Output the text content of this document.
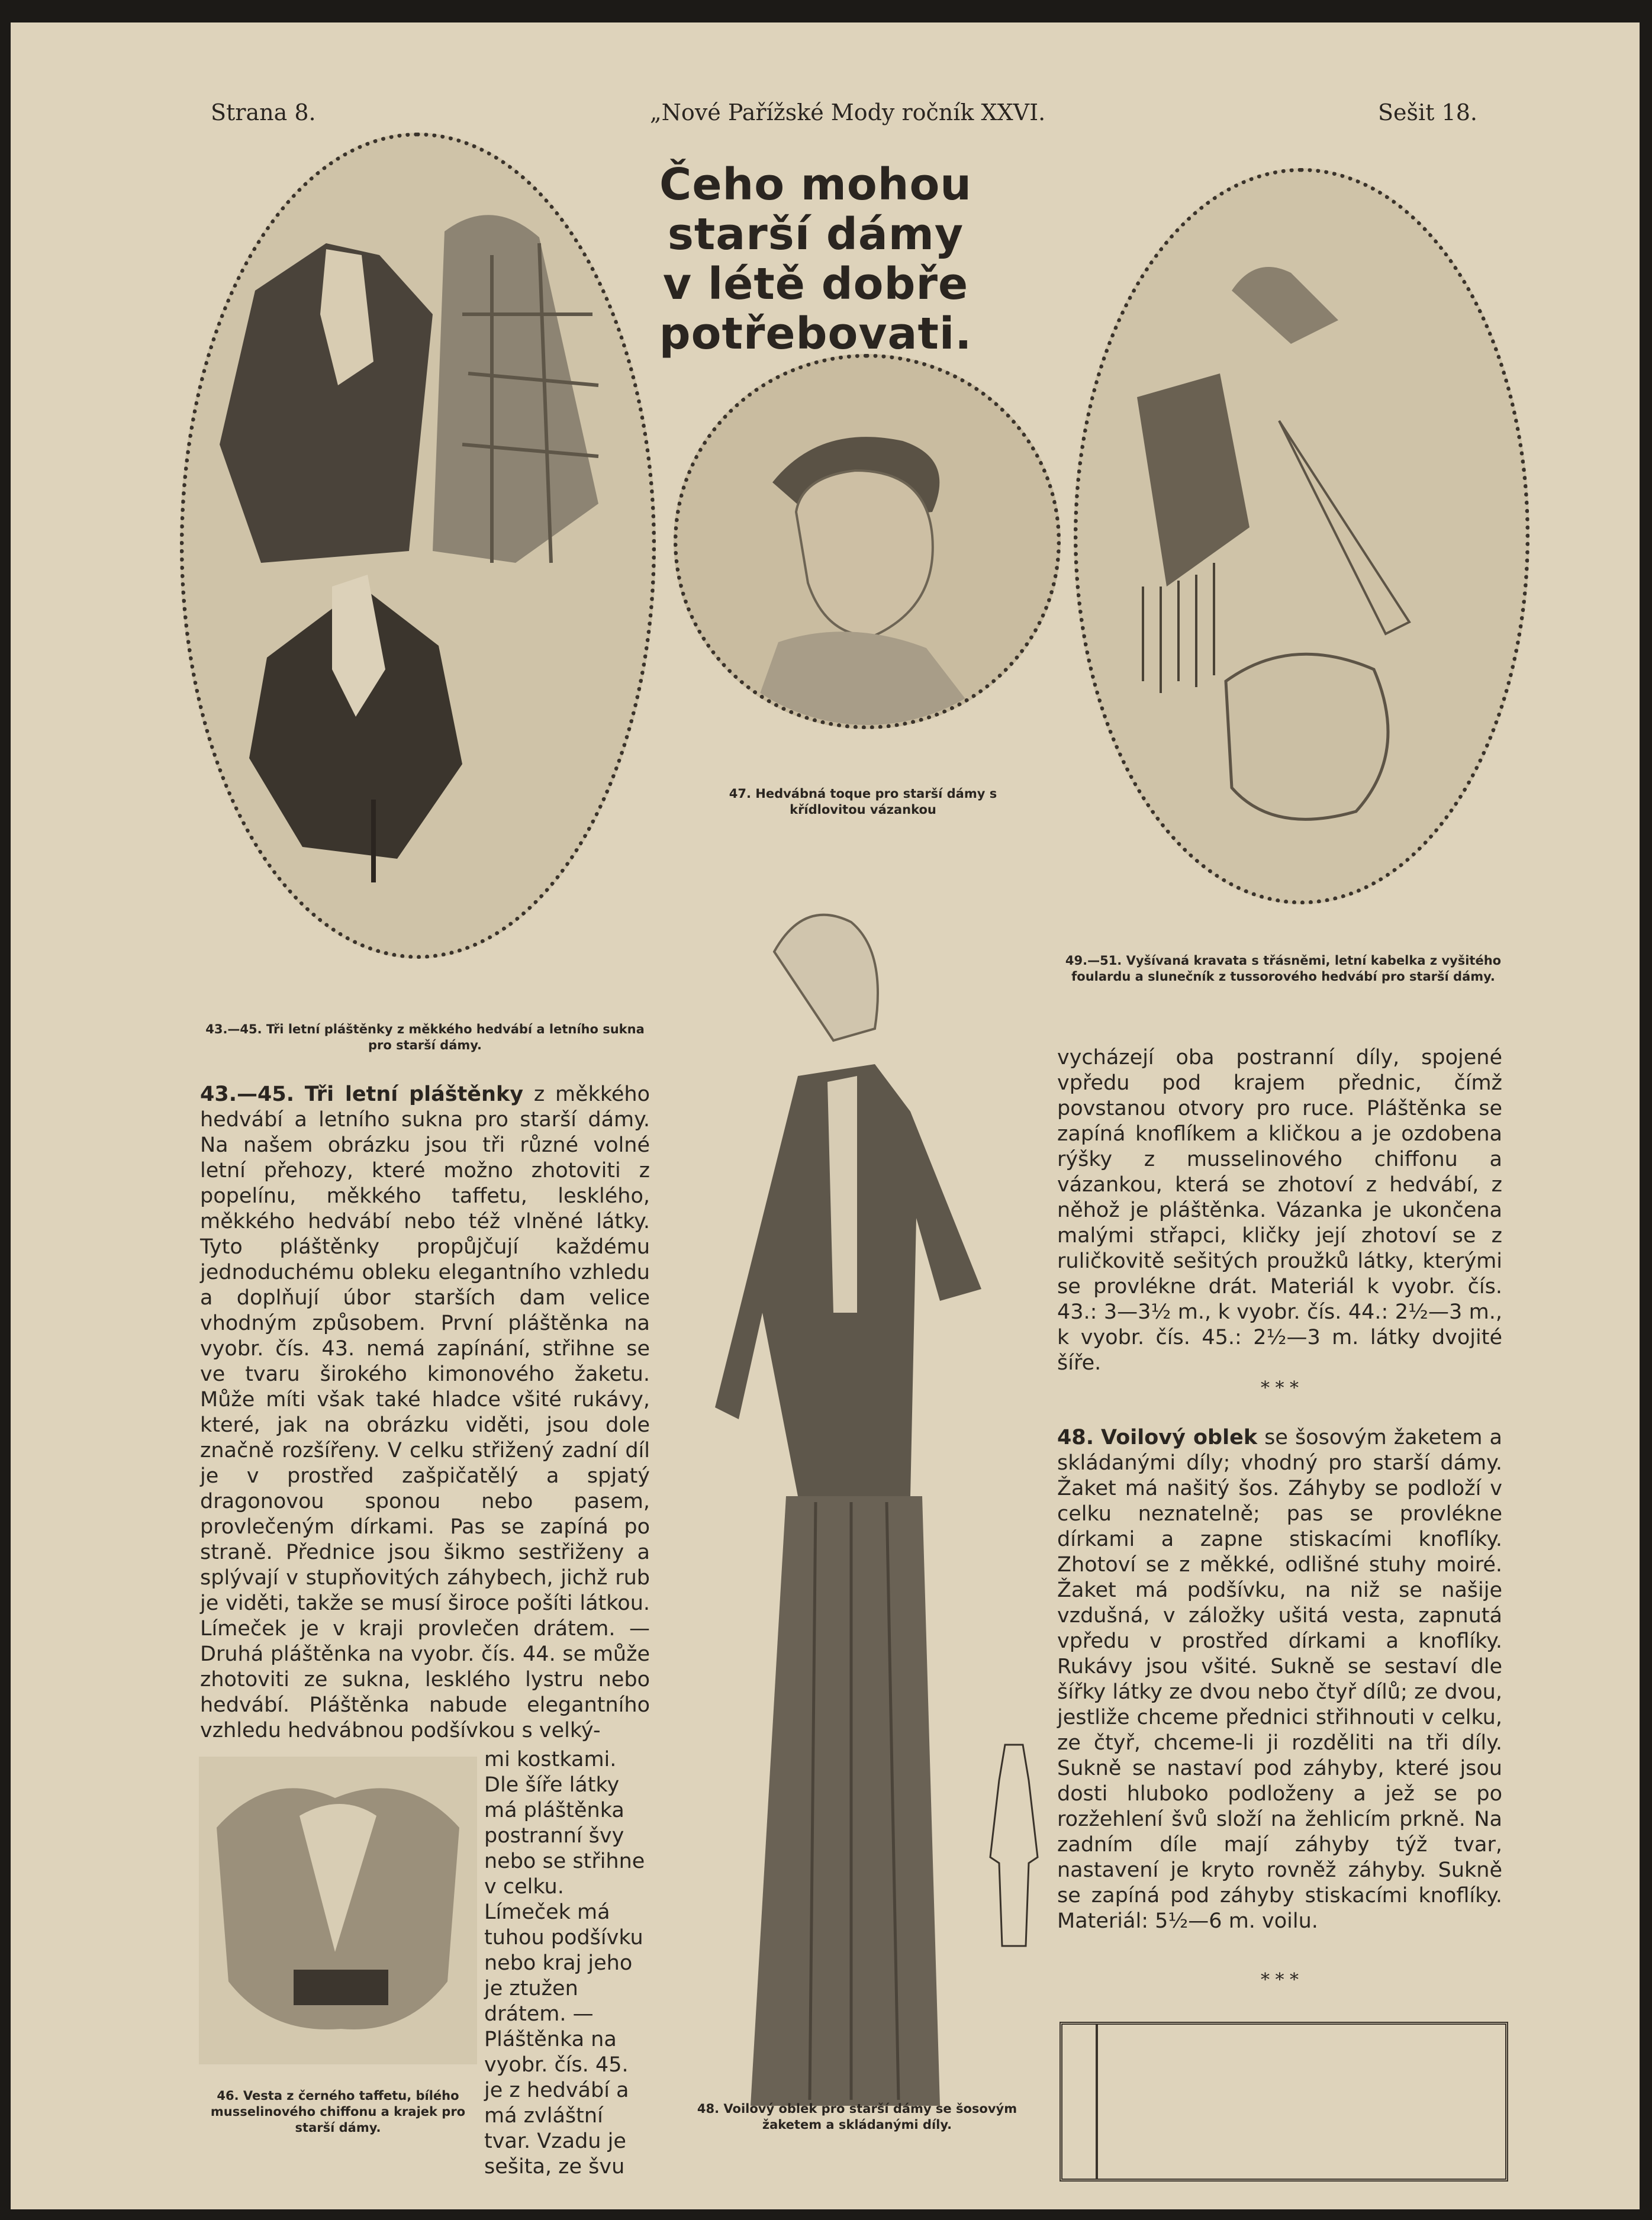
Strana 8.	„Nové Pařížské Mody ročník XXVI.	Sešit 18.
Čeho mohou starší dámy v létě dobře potřebovati.
43.—45. Tři letní pláštěnky z měkkého hedvábí a letního sukna pro starší dámy.
47. Hedvábná toque pro starší dámy s křídlovitou vázankou
49.—51. Vyšívaná kravata s třásněmi, letní kabelka z vyšitého foulardu a slunečník z tussorového hedvábí pro starší dámy.
43.—45. Tři letní pláštěnky z měkkého hedvábí a letního sukna pro starší dámy. Na našem obrázku jsou tři různé volné letní přehozy, které možno zhotoviti z popelínu, měkkého taffetu, lesklého, měkkého hedvábí nebo též vlněné látky. Tyto pláštěnky propůjčují každému jednoduchému obleku elegantního vzhledu a doplňují úbor starších dam velice vhodným způsobem. První pláštěnka na vyobr. čís. 43. nemá zapínání, střihne se ve tvaru širokého kimonového žaketu. Může míti však také hladce všité rukávy, které, jak na obrázku viděti, jsou dole značně rozšířeny. V celku střižený zadní díl je v prostřed zašpičatělý a spjatý dragonovou sponou nebo pasem, provlečeným dírkami. Pas se zapíná po straně. Přednice jsou šikmo sestřiženy a splývají v stupňovitých záhybech, jichž rub je viděti, takže se musí široce pošíti látkou. Límeček je v kraji provlečen drátem. — Druhá pláštěnka na vyobr. čís. 44. se může zhotoviti ze sukna, lesklého lystru nebo hedvábí. Pláštěnka nabude elegantního vzhledu hedvábnou podšívkou s velký-
46. Vesta z černého taffetu, bílého musselinového chiffonu a krajek pro starší dámy.
mi kostkami. Dle šíře látky má pláštěnka postranní švy nebo se střihne v celku. Límeček má tuhou podšívku nebo kraj jeho je ztužen drátem. — Pláštěnka na vyobr. čís. 45. je z hedvábí a má zvláštní tvar. Vzadu je sešita, ze švu
48. Voilový oblek pro starší dámy se šosovým žaketem a skládanými díly.
vycházejí oba postranní díly, spojené vpředu pod krajem přednic, čímž povstanou otvory pro ruce. Pláštěnka se zapíná knoflíkem a kličkou a je ozdobena rýšky z musselinového chiffonu a vázankou, která se zhotoví z hedvábí, z něhož je pláštěnka. Vázanka je ukončena malými střapci, kličky její zhotoví se z ruličkovitě sešitých proužků látky, kterými se provlékne drát. Materiál k vyobr. čís. 43.: 3—3½ m., k vyobr. čís. 44.: 2½—3 m., k vyobr. čís. 45.: 2½—3 m. látky dvojité šíře.
* * *
48. Voilový oblek se šosovým žaketem a skládanými díly; vhodný pro starší dámy. Žaket má našitý šos. Záhyby se podloží v celku neznatelně; pas se provlékne dírkami a zapne stiskacími knoflíky. Zhotoví se z měkké, odlišné stuhy moiré. Žaket má podšívku, na niž se našije vzdušná, v záložky ušitá vesta, zapnutá vpředu v prostřed dírkami a knoflíky. Rukávy jsou všité. Sukně se sestaví dle šířky látky ze dvou nebo čtyř dílů; ze dvou, jestliže chceme přednici střihnouti v celku, ze čtyř, chceme-li ji rozděliti na tři díly. Sukně se nastaví pod záhyby, které jsou dosti hluboko podloženy a jež se po rozžehlení švů složí na žehlicím prkně. Na zadním díle mají záhyby týž tvar, nastavení je kryto rovněž záhyby. Sukně se zapíná pod záhyby stiskacími knoflíky. Materiál: 5½—6 m. voilu.
* * *
